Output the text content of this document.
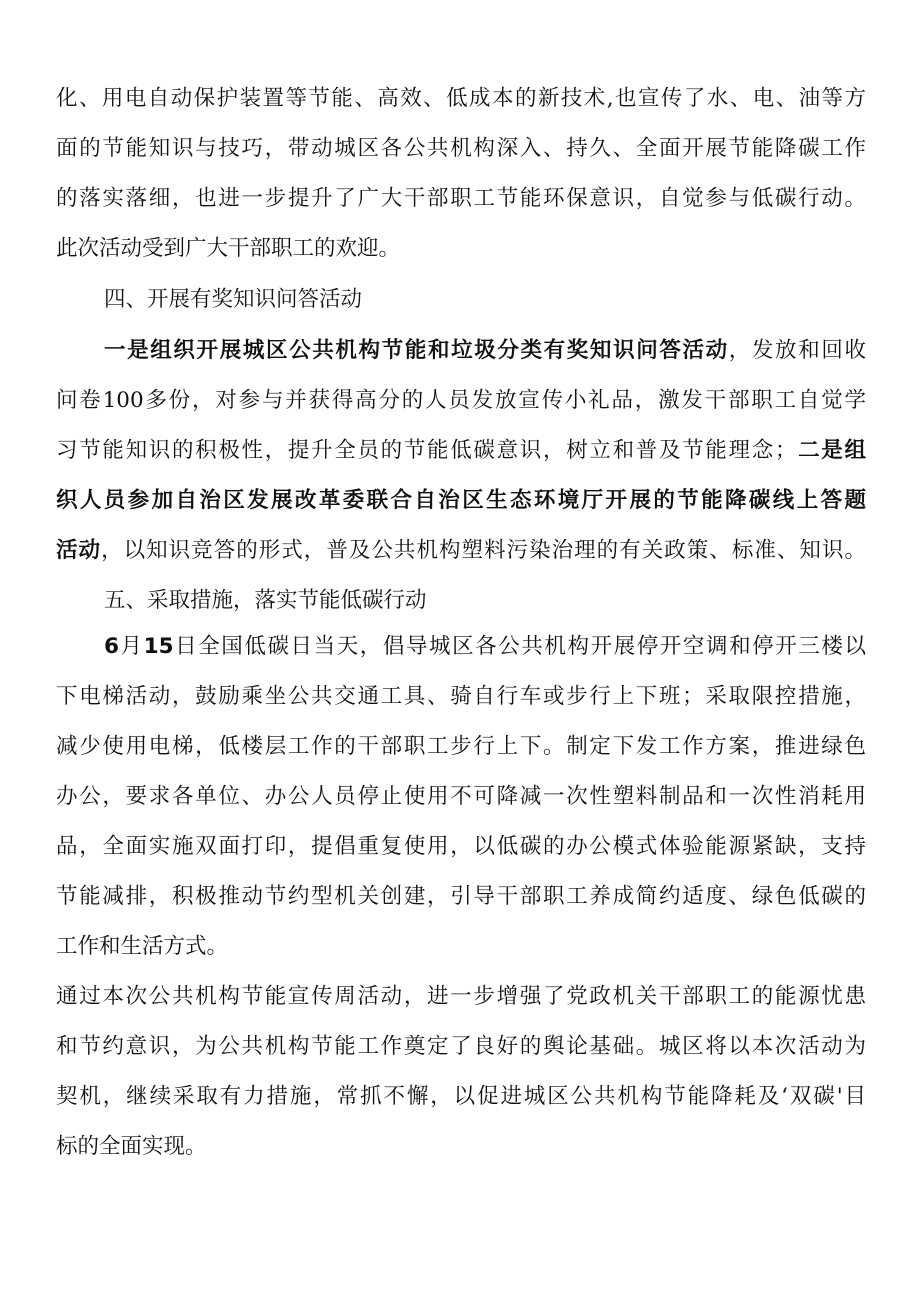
化、用电自动保护装置等节能、高效、低成本的新技术,也宣传了水、电、油等方
面的节能知识与技巧，带动城区各公共机构深入、持久、全面开展节能降碳工作
的落实落细，也进一步提升了广大干部职工节能环保意识，自觉参与低碳行动。
此次活动受到广大干部职工的欢迎。
四、开展有奖知识问答活动
一是组织开展城区公共机构节能和垃圾分类有奖知识问答活动，发放和回收
问卷100多份，对参与并获得高分的人员发放宣传小礼品，激发干部职工自觉学
习节能知识的积极性，提升全员的节能低碳意识，树立和普及节能理念；二是组
织人员参加自治区发展改革委联合自治区生态环境厅开展的节能降碳线上答题
活动，以知识竞答的形式，普及公共机构塑料污染治理的有关政策、标准、知识。
五、采取措施，落实节能低碳行动
6月15日全国低碳日当天，倡导城区各公共机构开展停开空调和停开三楼以
下电梯活动，鼓励乘坐公共交通工具、骑自行车或步行上下班；采取限控措施，
减少使用电梯，低楼层工作的干部职工步行上下。制定下发工作方案，推进绿色
办公，要求各单位、办公人员停止使用不可降减一次性塑料制品和一次性消耗用
品，全面实施双面打印，提倡重复使用，以低碳的办公模式体验能源紧缺，支持
节能减排，积极推动节约型机关创建，引导干部职工养成简约适度、绿色低碳的
工作和生活方式。
通过本次公共机构节能宣传周活动，进一步增强了党政机关干部职工的能源忧患
和节约意识，为公共机构节能工作奠定了良好的舆论基础。城区将以本次活动为
契机，继续采取有力措施，常抓不懈，以促进城区公共机构节能降耗及‘双碳'目
标的全面实现。
